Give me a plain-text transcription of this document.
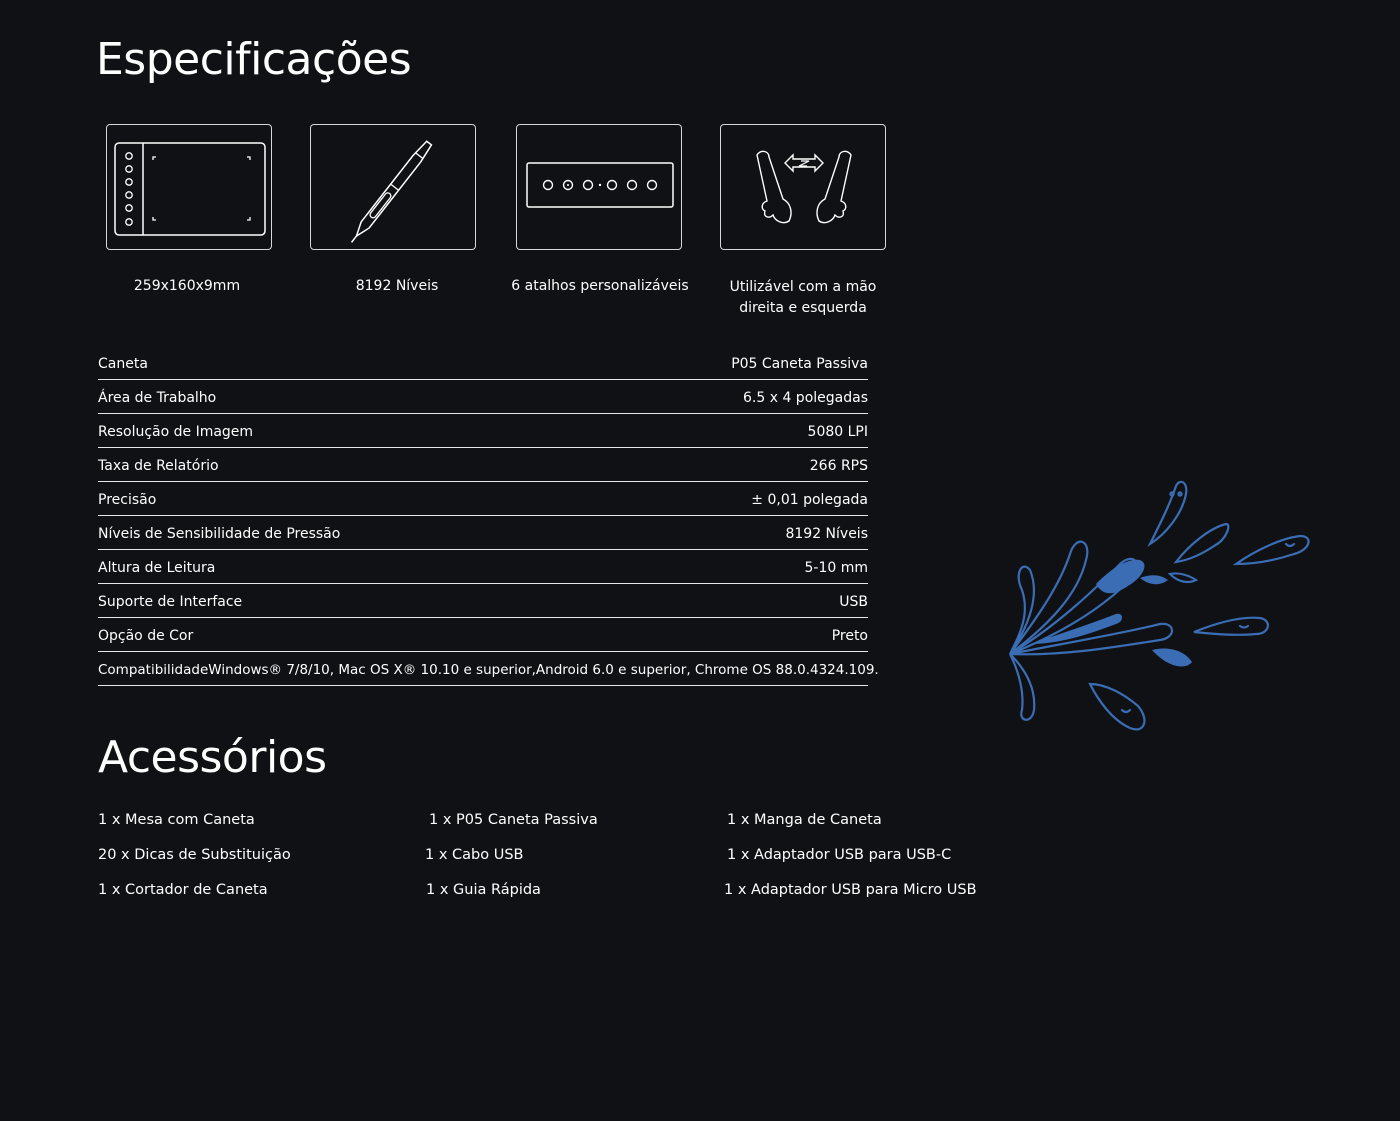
Especificações
259x160x9mm	8192 Níveis	6 atalhos personalizáveis	Utilizável com a mão direita e esquerda
Caneta	P05 Caneta Passiva
Área de Trabalho	6.5 x 4 polegadas
Resolução de Imagem	5080 LPI
Taxa de Relatório	266 RPS
Precisão	± 0,01 polegada
Níveis de Sensibilidade de Pressão	8192 Níveis
Altura de Leitura	5-10 mm
Suporte de Interface	USB
Opção de Cor	Preto
Compatibilidade Windows® 7/8/10, Mac OS X® 10.10 e superior,Android 6.0 e superior, Chrome OS 88.0.4324.109.
Acessórios
1 x Mesa com Caneta	1 x P05 Caneta Passiva	1 x Manga de Caneta
20 x Dicas de Substituição	1 x Cabo USB	1 x Adaptador USB para USB-C
1 x Cortador de Caneta	1 x Guia Rápida	1 x Adaptador USB para Micro USB
